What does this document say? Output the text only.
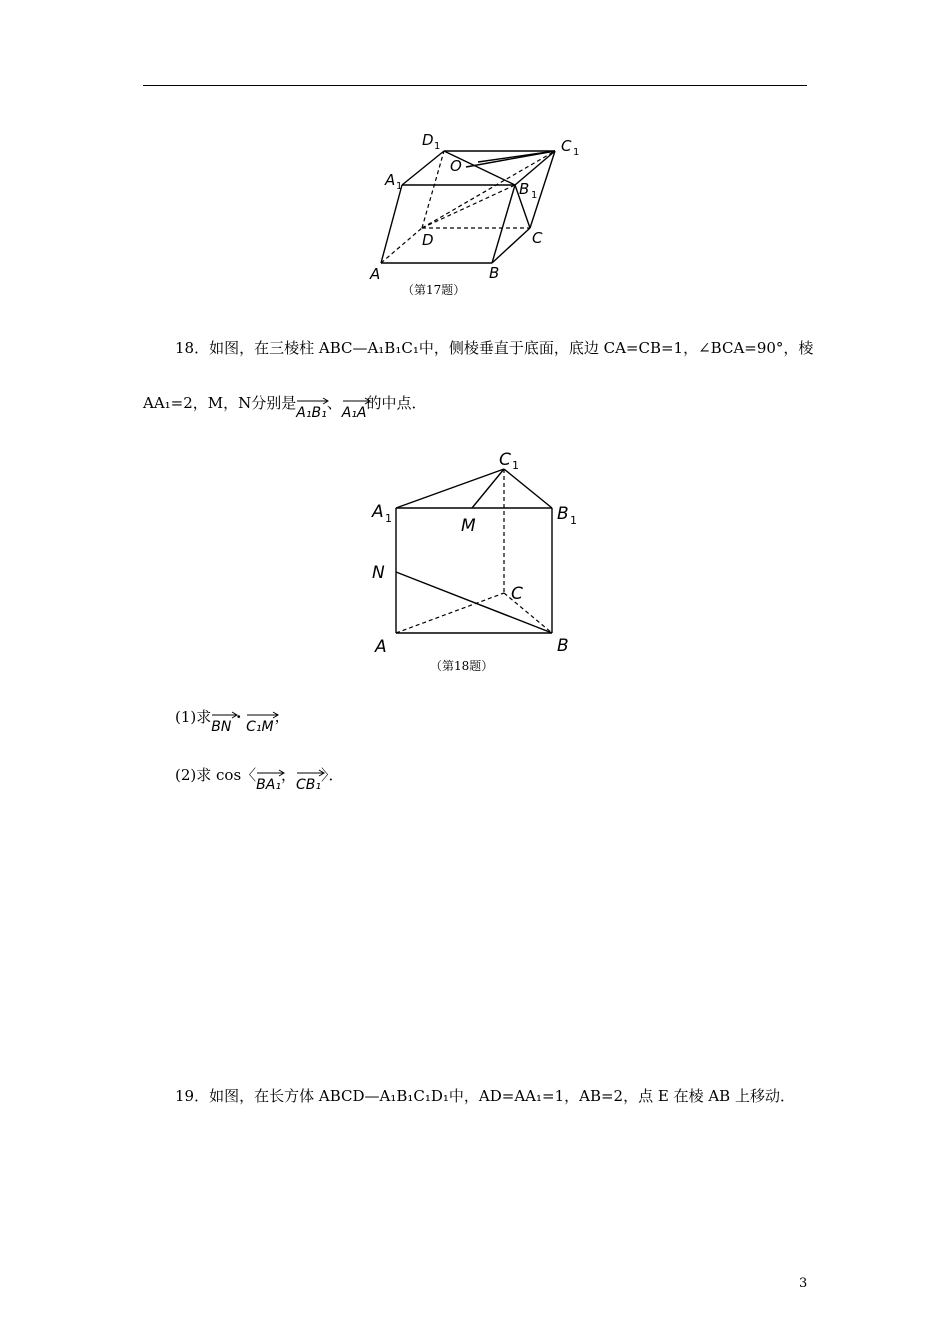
D 1	C 1
A 1
O
B 1
D	C
A	B
（第17题）
18．如图，在三棱柱 ABC—A₁B₁C₁中，侧棱垂直于底面，底边 CA=CB=1，∠BCA=90°，棱
AA₁=2，M，N分别是
A₁B₁、
A₁A的中点．
C 1
A 1	B 1
M
N
C
A	B
（第18题）
(1)求
BN ·
C₁M；
(2)求 cos〈
BA₁，
CB₁〉．
19．如图，在长方体 ABCD—A₁B₁C₁D₁中，AD=AA₁=1，AB=2，点 E 在棱 AB 上移动．
3
